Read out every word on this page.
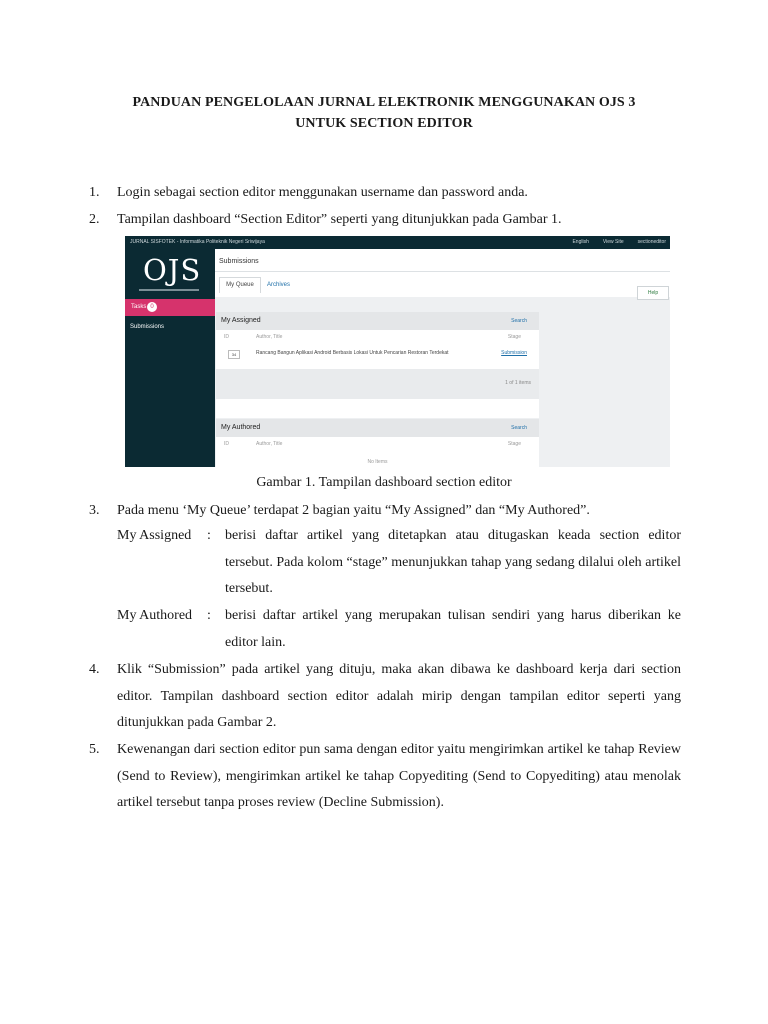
PANDUAN PENGELOLAAN JURNAL ELEKTRONIK MENGGUNAKAN OJS 3
UNTUK SECTION EDITOR
1. Login sebagai section editor menggunakan username dan password anda.
2. Tampilan dashboard “Section Editor” seperti yang ditunjukkan pada Gambar 1.
JURNAL SISFOTEK - Informatika Politeknik Negeri Sriwijaya	English	View Site	sectioneditor
OJS
Tasks 0
Submissions
Submissions
My Queue	Archives
Help
My Assigned	Search
ID	Author, Title	Stage
34	Rancang Bangun Aplikasi Android Berbasis Lokasi Untuk Pencarian Restoran Terdekat	Submission
1 of 1 items
My Authored	Search
ID	Author, Title	Stage
No Items
Gambar 1. Tampilan dashboard section editor
3. Pada menu ‘My Queue’ terdapat 2 bagian yaitu “My Assigned” dan “My Authored”.
My Assigned	: berisi daftar artikel yang ditetapkan atau ditugaskan keada section editor tersebut. Pada kolom “stage” menunjukkan tahap yang sedang dilalui oleh artikel tersebut.
My Authored	: berisi daftar artikel yang merupakan tulisan sendiri yang harus diberikan ke editor lain.
4.	Klik “Submission” pada artikel yang dituju, maka akan dibawa ke dashboard kerja dari section editor. Tampilan dashboard section editor adalah mirip dengan tampilan editor seperti yang ditunjukkan pada Gambar 2.
5.	Kewenangan dari section editor pun sama dengan editor yaitu mengirimkan artikel ke tahap Review (Send to Review), mengirimkan artikel ke tahap Copyediting (Send to Copyediting) atau menolak artikel tersebut tanpa proses review (Decline Submission).
